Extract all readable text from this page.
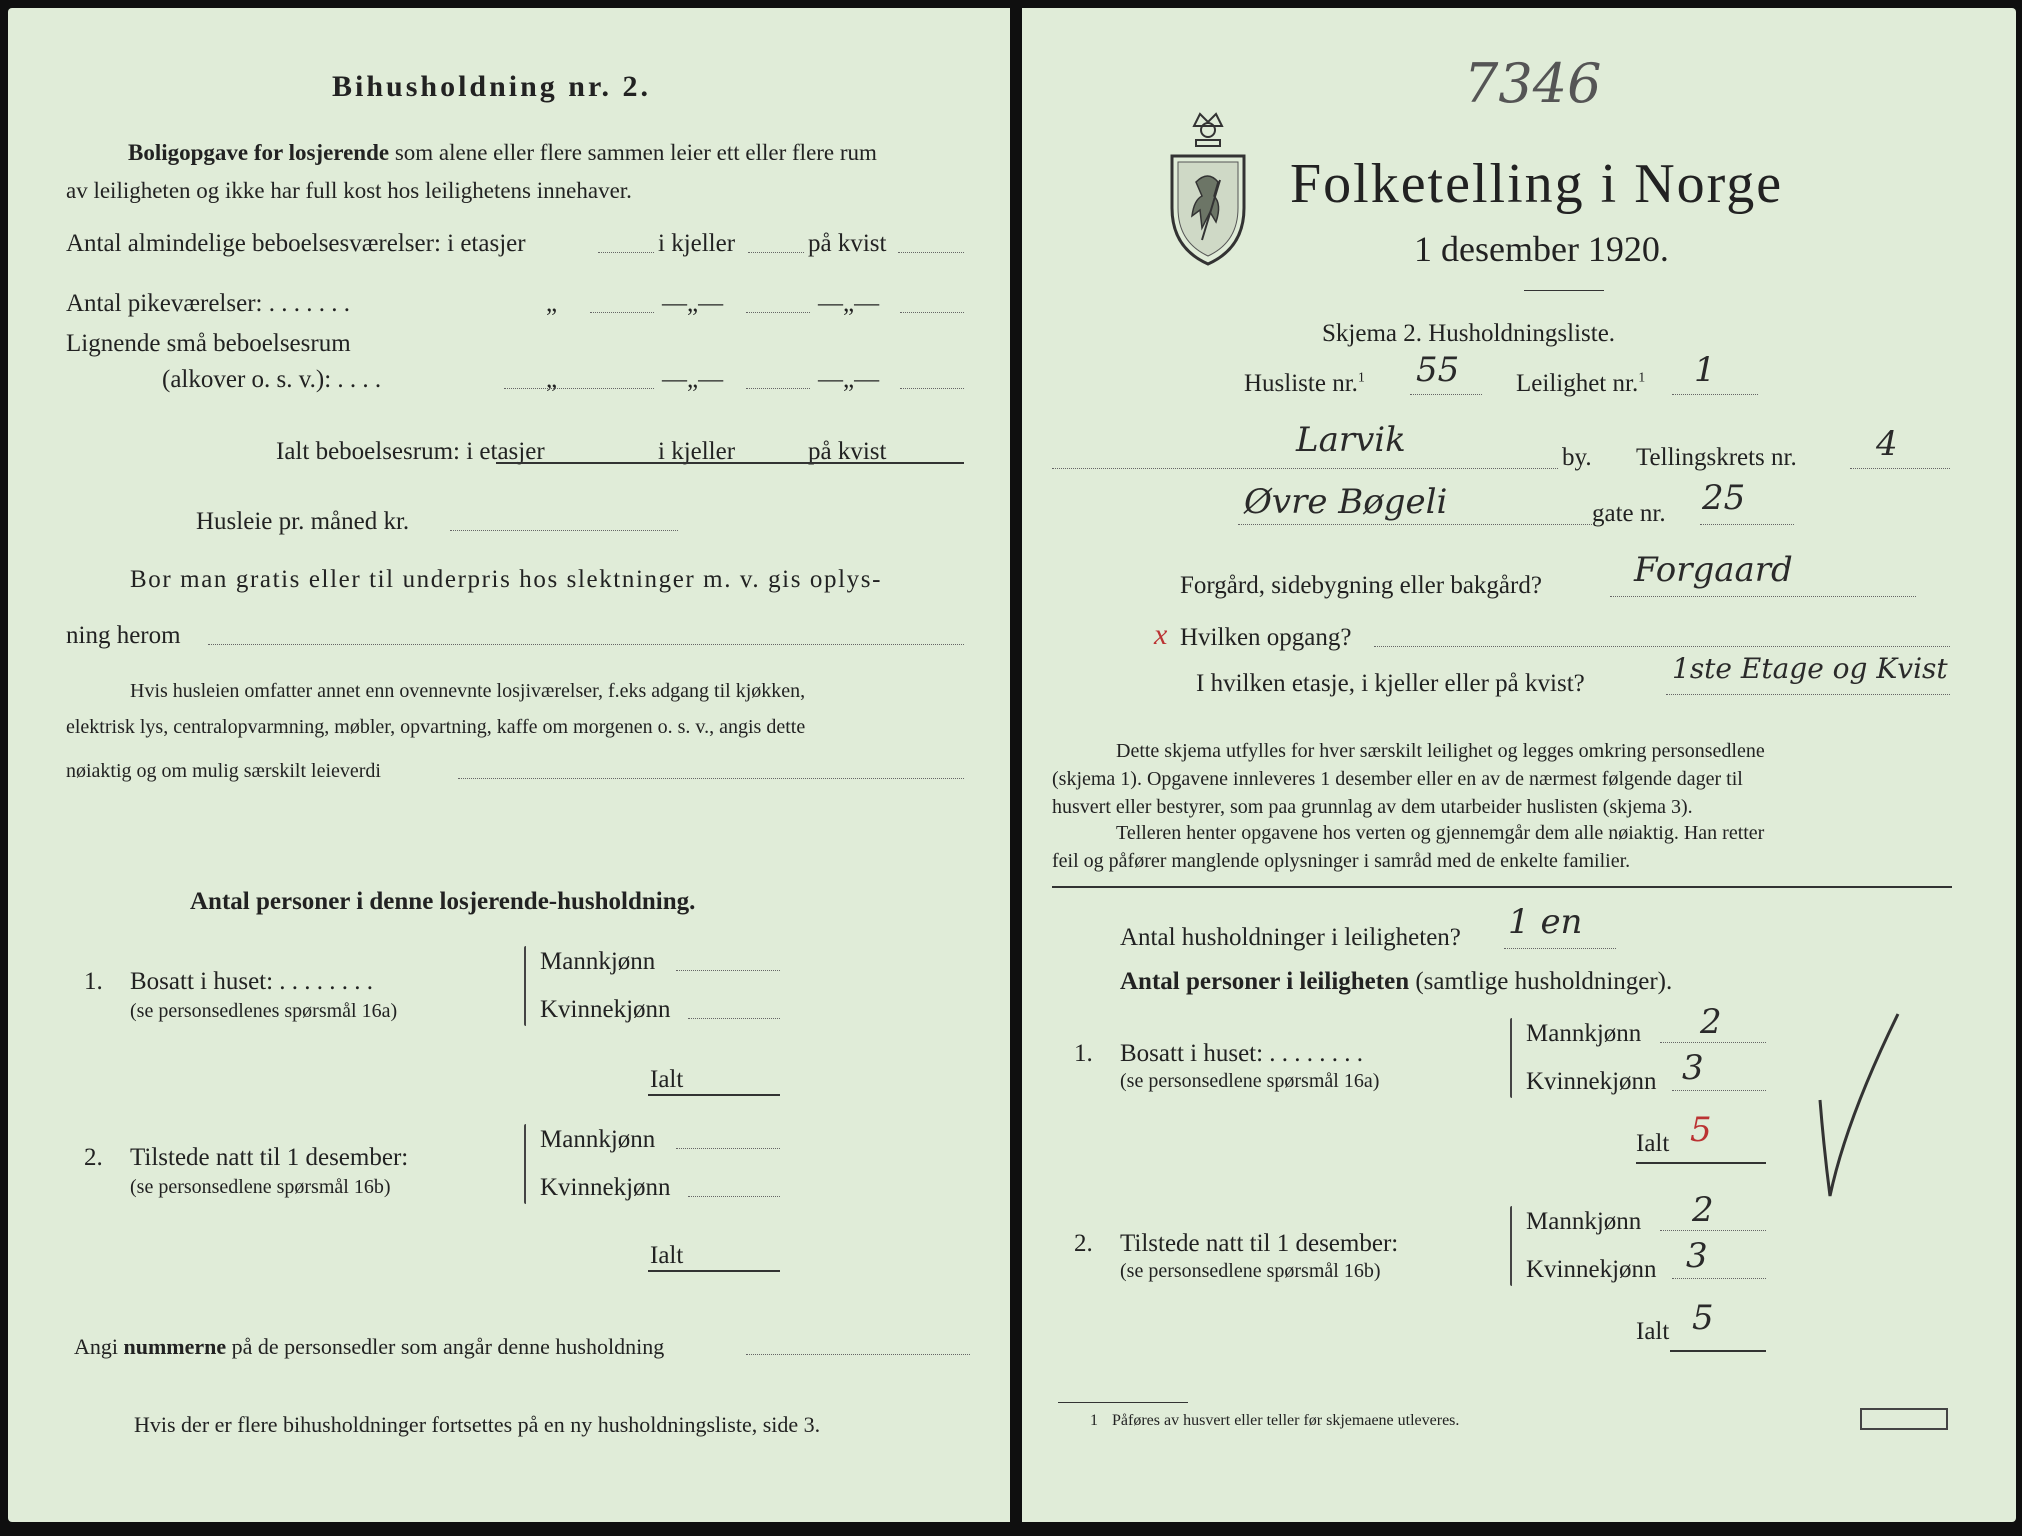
Bihusholdning nr. 2.
Boligopgave for losjerende som alene eller flere sammen leier ett eller flere rum
av leiligheten og ikke har full kost hos leilighetens innehaver.
Antal almindelige beboelsesværelser: i etasjer	i kjeller	på kvist
Antal pikeværelser: . . . . . . .	„	—„—	—„—
Lignende små beboelsesrum
(alkover o. s. v.): . . . .	„	—„—	—„—
Ialt beboelsesrum: i etasjer	i kjeller	på kvist
Husleie pr. måned kr.
Bor man gratis eller til underpris hos slektninger m. v. gis oplys-
ning herom
Hvis husleien omfatter annet enn ovennevnte losjiværelser, f.eks adgang til kjøkken,
elektrisk lys, centralopvarmning, møbler, opvartning, kaffe om morgenen o. s. v., angis dette
nøiaktig og om mulig særskilt leieverdi
Antal personer i denne losjerende-husholdning.
1. Bosatt i huset: . . . . . . . .
(se personsedlenes spørsmål 16a)
Mannkjønn
Kvinnekjønn
Ialt
2. Tilstede natt til 1 desember:
(se personsedlene spørsmål 16b)
Mannkjønn
Kvinnekjønn
Ialt
Angi nummerne på de personsedler som angår denne husholdning
Hvis der er flere bihusholdninger fortsettes på en ny husholdningsliste, side 3.
7346
Folketelling i Norge
1 desember 1920.
Skjema 2. Husholdningsliste.
Husliste nr.$^1$ 55 Leilighet nr.$^1$ 1
Larvik	by. Tellingskrets nr. 4
Øvre Bøgeli	gate nr. 25
Forgård, sidebygning eller bakgård?	Forgaard
x Hvilken opgang?
I hvilken etasje, i kjeller eller på kvist?	1ste Etage og Kvist
Dette skjema utfylles for hver særskilt leilighet og legges omkring personsedlene
(skjema 1). Opgavene innleveres 1 desember eller en av de nærmest følgende dager til
husvert eller bestyrer, som paa grunnlag av dem utarbeider huslisten (skjema 3).
Telleren henter opgavene hos verten og gjennemgår dem alle nøiaktig. Han retter
feil og påfører manglende oplysninger i samråd med de enkelte familier.
Antal husholdninger i leiligheten? 1 en
Antal personer i leiligheten (samtlige husholdninger).
1. Bosatt i huset: . . . . . . . .
(se personsedlene spørsmål 16a)
Mannkjønn 2
Kvinnekjønn 3
Ialt 5
2. Tilstede natt til 1 desember:
(se personsedlene spørsmål 16b)
Mannkjønn 2
Kvinnekjønn 3
Ialt 5
1 Påføres av husvert eller teller før skjemaene utleveres.
